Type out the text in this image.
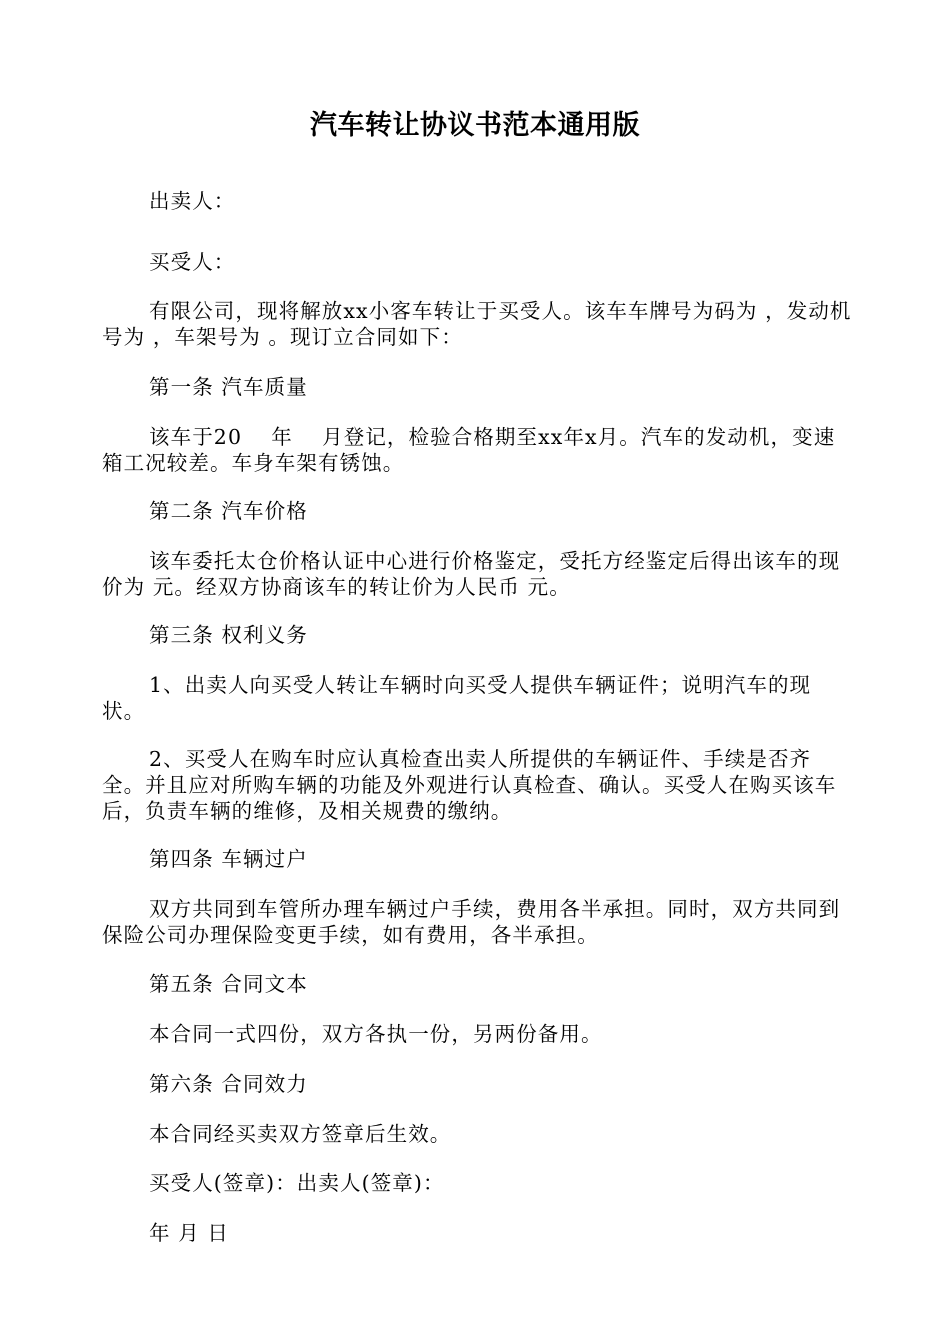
汽车转让协议书范本通用版

出卖人：

买受人：

有限公司，现将解放xx小客车转让于买受人。该车车牌号为码为 ，发动机号为 ，车架号为 。现订立合同如下：

第一条 汽车质量

该车于20　 年　 月登记，检验合格期至xx年x月。汽车的发动机，变速箱工况较差。车身车架有锈蚀。

第二条 汽车价格

该车委托太仓价格认证中心进行价格鉴定，受托方经鉴定后得出该车的现价为 元。经双方协商该车的转让价为人民币 元。

第三条 权利义务

1、出卖人向买受人转让车辆时向买受人提供车辆证件；说明汽车的现状。

2、买受人在购车时应认真检查出卖人所提供的车辆证件、手续是否齐全。并且应对所购车辆的功能及外观进行认真检查、确认。买受人在购买该车后，负责车辆的维修，及相关规费的缴纳。

第四条 车辆过户

双方共同到车管所办理车辆过户手续，费用各半承担。同时，双方共同到保险公司办理保险变更手续，如有费用，各半承担。

第五条 合同文本

本合同一式四份，双方各执一份，另两份备用。

第六条 合同效力

本合同经买卖双方签章后生效。

买受人(签章)：出卖人(签章)：

年 月 日
